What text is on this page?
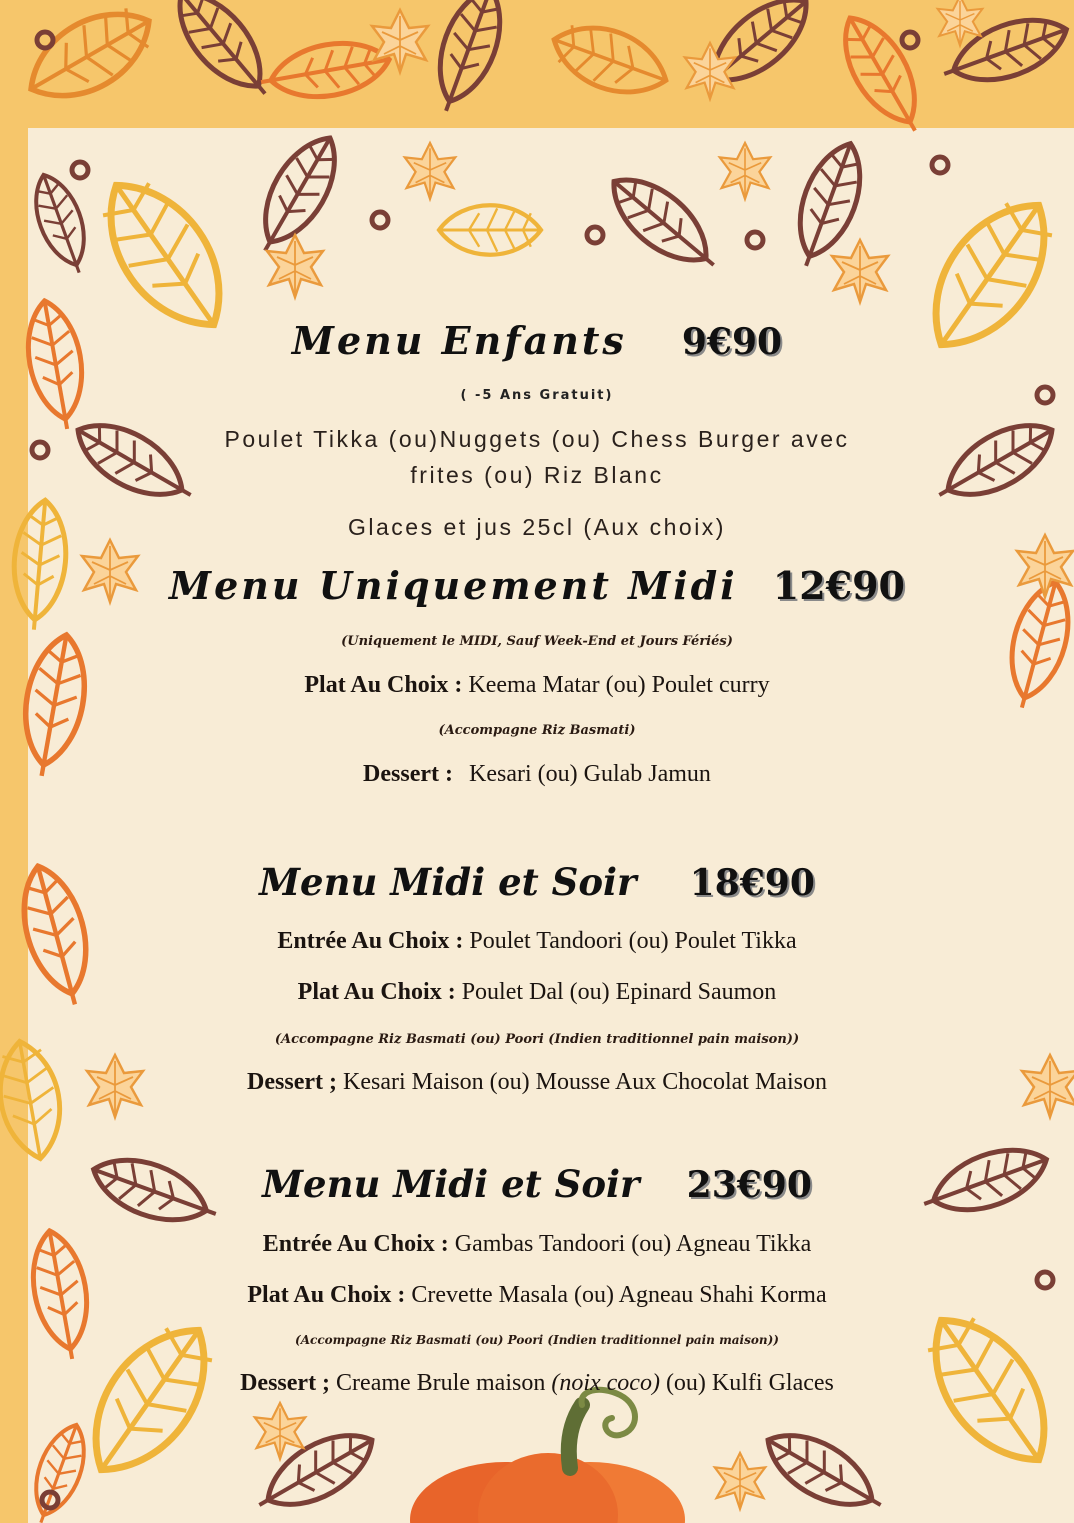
Menu Enfants 9€90
( -5 Ans Gratuit)
Poulet Tikka (ou)Nuggets (ou) Chess Burger avec
frites (ou) Riz Blanc
Glaces et jus 25cl (Aux choix)
Menu Uniquement Midi 12€90
(Uniquement le MIDI, Sauf Week-End et Jours Fériés)
Plat Au Choix : Keema Matar (ou) Poulet curry
(Accompagne Riz Basmati)
Dessert : Kesari (ou) Gulab Jamun
Menu Midi et Soir 18€90
Entrée Au Choix : Poulet Tandoori (ou) Poulet Tikka
Plat Au Choix : Poulet Dal (ou) Epinard Saumon
(Accompagne Riz Basmati (ou) Poori (Indien traditionnel pain maison))
Dessert ; Kesari Maison (ou) Mousse Aux Chocolat Maison
Menu Midi et Soir 23€90
Entrée Au Choix : Gambas Tandoori (ou) Agneau Tikka
Plat Au Choix : Crevette Masala (ou) Agneau Shahi Korma
(Accompagne Riz Basmati (ou) Poori (Indien traditionnel pain maison))
Dessert ; Creame Brule maison (noix coco) (ou) Kulfi Glaces
